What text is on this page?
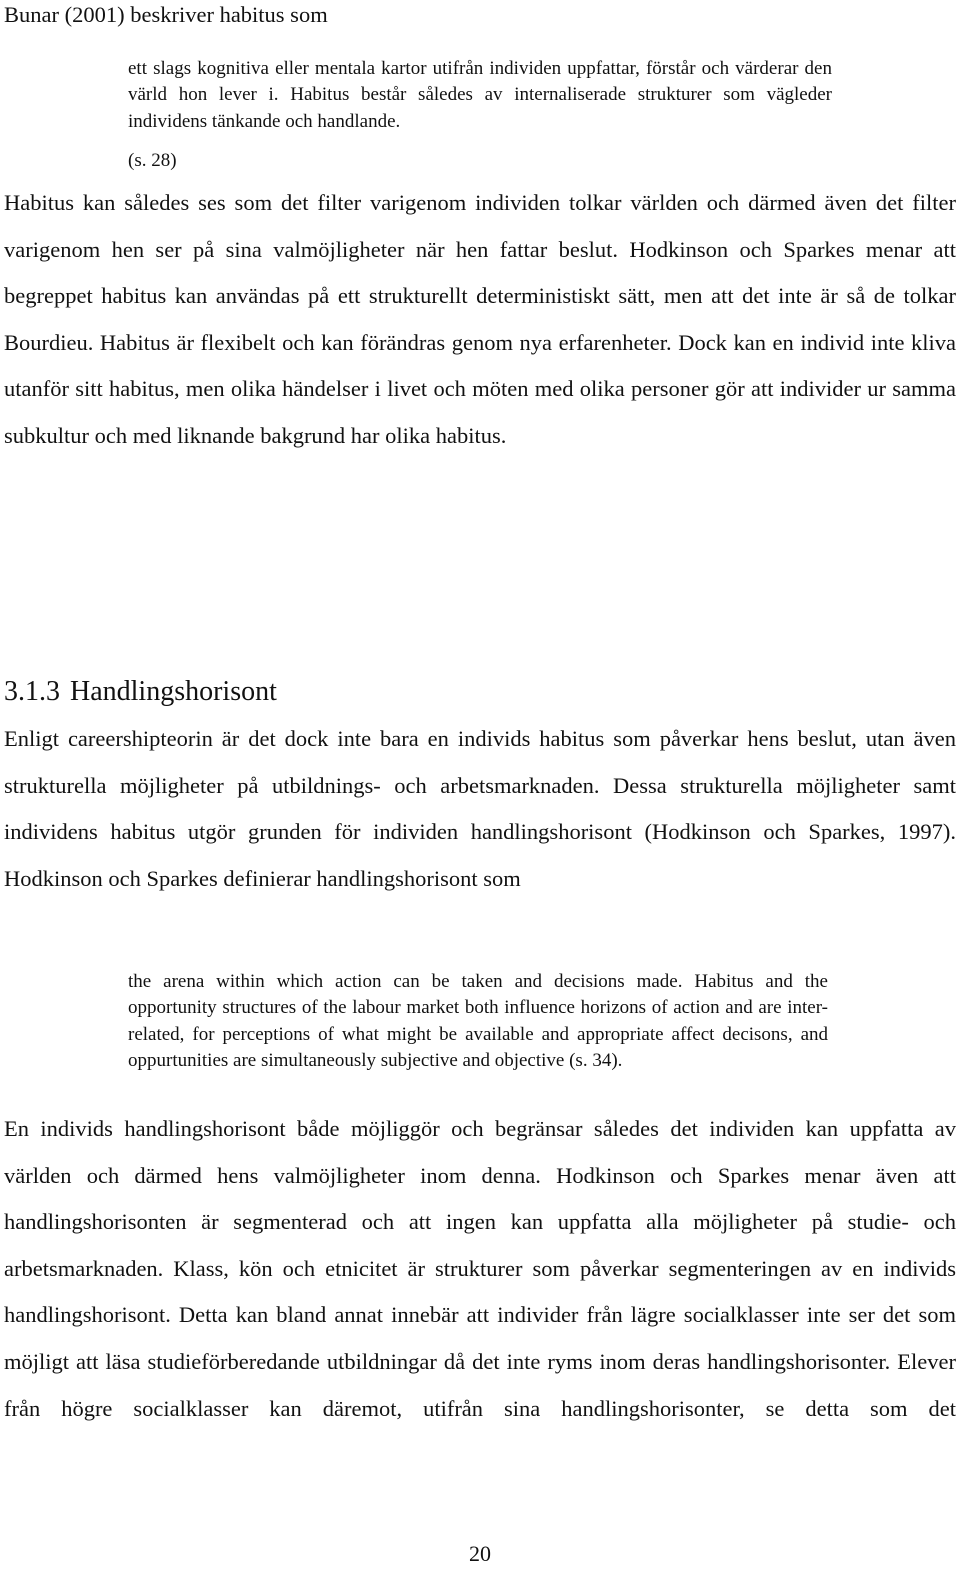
Bunar (2001) beskriver habitus som

ett slags kognitiva eller mentala kartor utifrån individen uppfattar, förstår och värderar den värld hon lever i. Habitus består således av internaliserade strukturer som vägleder individens tänkande och handlande.

(s. 28)

Habitus kan således ses som det filter varigenom individen tolkar världen och därmed även det filter varigenom hen ser på sina valmöjligheter när hen fattar beslut. Hodkinson och Sparkes menar att begreppet habitus kan användas på ett strukturellt deterministiskt sätt, men att det inte är så de tolkar Bourdieu. Habitus är flexibelt och kan förändras genom nya erfarenheter. Dock kan en individ inte kliva utanför sitt habitus, men olika händelser i livet och möten med olika personer gör att individer ur samma subkultur och med liknande bakgrund har olika habitus.

3.1.3 Handlingshorisont

Enligt careershipteorin är det dock inte bara en individs habitus som påverkar hens beslut, utan även strukturella möjligheter på utbildnings- och arbetsmarknaden. Dessa strukturella möjligheter samt individens habitus utgör grunden för individen handlingshorisont (Hodkinson och Sparkes, 1997). Hodkinson och Sparkes definierar handlingshorisont som

the arena within which action can be taken and decisions made. Habitus and the opportunity structures of the labour market both influence horizons of action and are inter-related, for perceptions of what might be available and appropriate affect decisons, and oppurtunities are simultaneously subjective and objective (s. 34).

En individs handlingshorisont både möjliggör och begränsar således det individen kan uppfatta av världen och därmed hens valmöjligheter inom denna. Hodkinson och Sparkes menar även att handlingshorisonten är segmenterad och att ingen kan uppfatta alla möjligheter på studie- och arbetsmarknaden. Klass, kön och etnicitet är strukturer som påverkar segmenteringen av en individs handlingshorisont. Detta kan bland annat innebär att individer från lägre socialklasser inte ser det som möjligt att läsa studieförberedande utbildningar då det inte ryms inom deras handlingshorisonter. Elever från högre socialklasser kan däremot, utifrån sina handlingshorisonter, se detta som det

20
